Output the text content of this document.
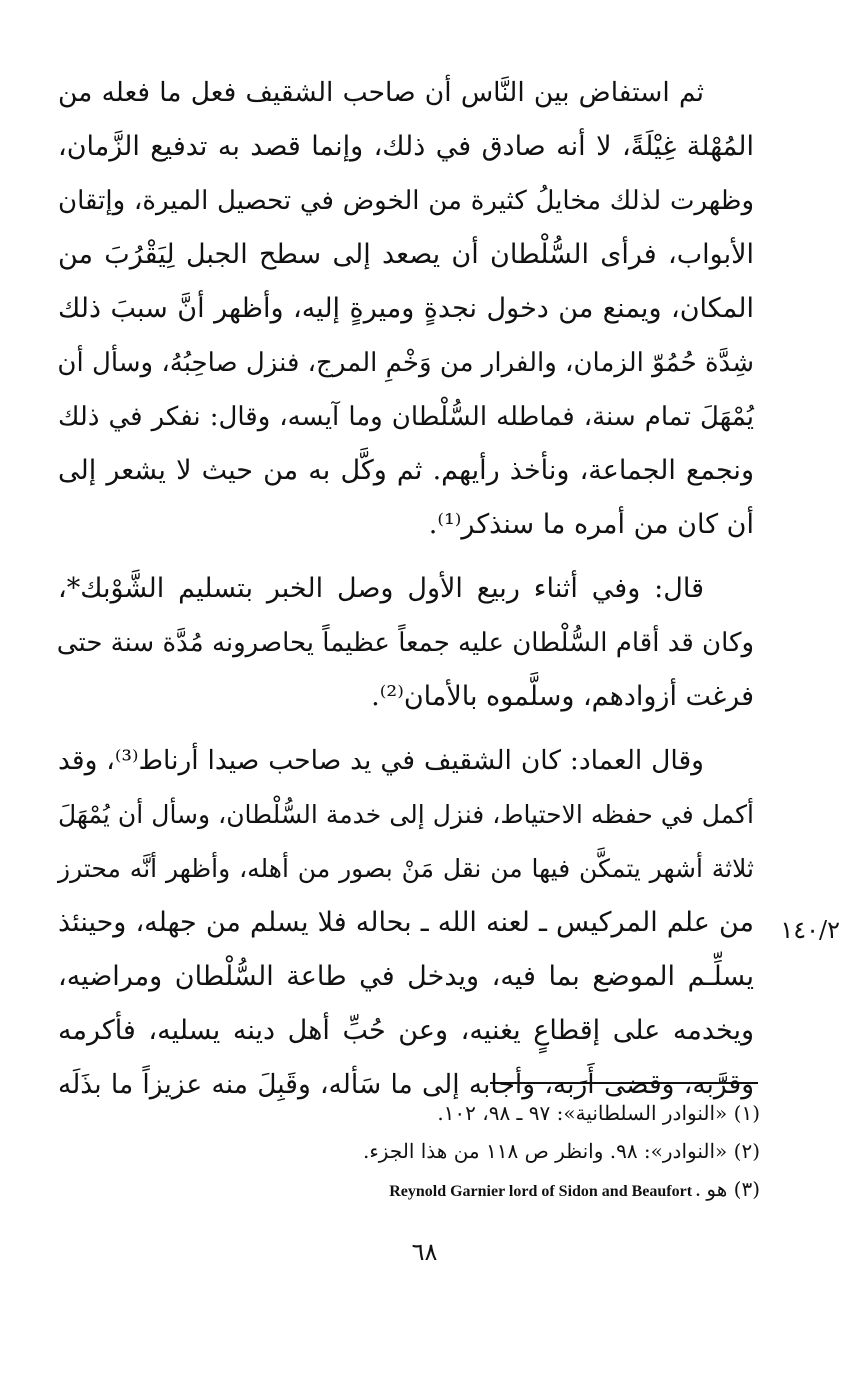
ثم استفاض بين النَّاس أن صاحب الشقيف فعل ما فعله من
المُهْلة غِيْلَةً، لا أنه صادق في ذلك، وإنما قصد به تدفيع الزَّمان،
وظهرت لذلك مخايلُ كثيرة من الخوض في تحصيل الميرة، وإتقان
الأبواب، فرأى السُّلْطان أن يصعد إلى سطح الجبل لِيَقْرُبَ من
المكان، ويمنع من دخول نجدةٍ وميرةٍ إليه، وأظهر أنَّ سببَ ذلك
شِدَّة حُمُوّ الزمان، والفرار من وَخْمِ المرج، فنزل صاحِبُهُ، وسأل أن
يُمْهَلَ تمام سنة، فماطله السُّلْطان وما آيسه، وقال: نفكر في ذلك
ونجمع الجماعة، ونأخذ رأيهم. ثم وكَّل به من حيث لا يشعر إلى
أن كان من أمره ما سنذكر⁽¹⁾.
قال: وفي أثناء ربيع الأول وصل الخبر بتسليم الشَّوْبك*،
وكان قد أقام السُّلْطان عليه جمعاً عظيماً يحاصرونه مُدَّة سنة حتى
فرغت أزوادهم، وسلَّموه بالأمان⁽²⁾.
وقال العماد: كان الشقيف في يد صاحب صيدا أرناط⁽³⁾، وقد
أكمل في حفظه الاحتياط، فنزل إلى خدمة السُّلْطان، وسأل أن يُمْهَلَ
ثلاثة أشهر يتمكَّن فيها من نقل مَنْ بصور من أهله، وأظهر أنَّه محترز
من علم المركيس ـ لعنه الله ـ بحاله فلا يسلم من جهله، وحينئذ
يسلِّـم الموضع بما فيه، ويدخل في طاعة السُّلْطان ومراضيه،
ويخدمه على إقطاعٍ يغنيه، وعن حُبِّ أهل دينه يسليه، فأكرمه
وقرَّبه، وقضى أَرَبه، وأجابه إلى ما سَأله، وقَبِلَ منه عزيزاً ما بذَلَه
١٤٠/٢
(١) «النوادر السلطانية»: ٩٧ ـ ٩٨، ١٠٢.
(٢) «النوادر»: ٩٨. وانظر ص ١١٨ من هذا الجزء.
(٣) هو Reynold Garnier lord of Sidon and Beaufort .
٦٨
